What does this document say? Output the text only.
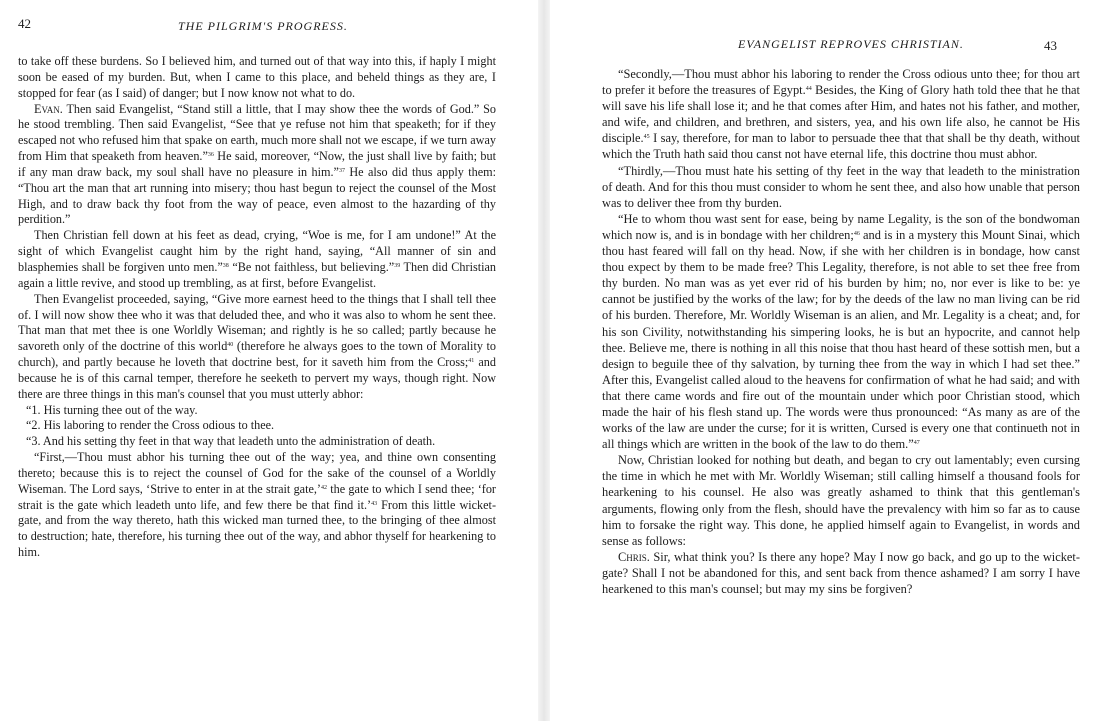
42	THE PILGRIM'S PROGRESS.

to take off these burdens. So I believed him, and turned out of that way into this, if haply I might soon be eased of my burden. But, when I came to this place, and beheld things as they are, I stopped for fear (as I said) of danger; but I now know not what to do.

Evan. Then said Evangelist, “Stand still a little, that I may show thee the words of God.” So he stood trembling. Then said Evangelist, “See that ye refuse not him that speaketh; for if they escaped not who refused him that spake on earth, much more shall not we escape, if we turn away from Him that speaketh from heaven.”$^{36}$ He said, moreover, “Now, the just shall live by faith; but if any man draw back, my soul shall have no pleasure in him.”$^{37}$ He also did thus apply them: “Thou art the man that art running into misery; thou hast begun to reject the counsel of the Most High, and to draw back thy foot from the way of peace, even almost to the hazarding of thy perdition.”

Then Christian fell down at his feet as dead, crying, “Woe is me, for I am undone!” At the sight of which Evangelist caught him by the right hand, saying, “All manner of sin and blasphemies shall be forgiven unto men.”$^{38}$ “Be not faithless, but believing.”$^{39}$ Then did Christian again a little revive, and stood up trembling, as at first, before Evangelist.

Then Evangelist proceeded, saying, “Give more earnest heed to the things that I shall tell thee of. I will now show thee who it was that deluded thee, and who it was also to whom he sent thee. That man that met thee is one Worldly Wiseman; and rightly is he so called; partly because he savoreth only of the doctrine of this world$^{40}$ (therefore he always goes to the town of Morality to church), and partly because he loveth that doctrine best, for it saveth him from the Cross;$^{41}$ and because he is of this carnal temper, therefore he seeketh to pervert my ways, though right. Now there are three things in this man's counsel that you must utterly abhor:

“1. His turning thee out of the way.

“2. His laboring to render the Cross odious to thee.

“3. And his setting thy feet in that way that leadeth unto the administration of death.

“First,—Thou must abhor his turning thee out of the way; yea, and thine own consenting thereto; because this is to reject the counsel of God for the sake of the counsel of a Worldly Wiseman. The Lord says, ‘Strive to enter in at the strait gate,’$^{42}$ the gate to which I send thee; ‘for strait is the gate which leadeth unto life, and few there be that find it.’$^{43}$ From this little wicket-gate, and from the way thereto, hath this wicked man turned thee, to the bringing of thee almost to destruction; hate, therefore, his turning thee out of the way, and abhor thyself for hearkening to him.

EVANGELIST REPROVES CHRISTIAN.	43

“Secondly,—Thou must abhor his laboring to render the Cross odious unto thee; for thou art to prefer it before the treasures of Egypt.$^{44}$ Besides, the King of Glory hath told thee that he that will save his life shall lose it; and he that comes after Him, and hates not his father, and mother, and wife, and children, and brethren, and sisters, yea, and his own life also, he cannot be His disciple.$^{45}$ I say, therefore, for man to labor to persuade thee that that shall be thy death, without which the Truth hath said thou canst not have eternal life, this doctrine thou must abhor.

“Thirdly,—Thou must hate his setting of thy feet in the way that leadeth to the ministration of death. And for this thou must consider to whom he sent thee, and also how unable that person was to deliver thee from thy burden.

“He to whom thou wast sent for ease, being by name Legality, is the son of the bondwoman which now is, and is in bondage with her children;$^{46}$ and is in a mystery this Mount Sinai, which thou hast feared will fall on thy head. Now, if she with her children is in bondage, how canst thou expect by them to be made free? This Legality, therefore, is not able to set thee free from thy burden. No man was as yet ever rid of his burden by him; no, nor ever is like to be: ye cannot be justified by the works of the law; for by the deeds of the law no man living can be rid of his burden. Therefore, Mr. Worldly Wiseman is an alien, and Mr. Legality is a cheat; and, for his son Civility, notwithstanding his simpering looks, he is but an hypocrite, and cannot help thee. Believe me, there is nothing in all this noise that thou hast heard of these sottish men, but a design to beguile thee of thy salvation, by turning thee from the way in which I had set thee.” After this, Evangelist called aloud to the heavens for confirmation of what he had said; and with that there came words and fire out of the mountain under which poor Christian stood, which made the hair of his flesh stand up. The words were thus pronounced: “As many as are of the works of the law are under the curse; for it is written, Cursed is every one that continueth not in all things which are written in the book of the law to do them.”$^{47}$

Now, Christian looked for nothing but death, and began to cry out lamentably; even cursing the time in which he met with Mr. Worldly Wiseman; still calling himself a thousand fools for hearkening to his counsel. He also was greatly ashamed to think that this gentleman's arguments, flowing only from the flesh, should have the prevalency with him so far as to cause him to forsake the right way. This done, he applied himself again to Evangelist, in words and sense as follows:

Chris. Sir, what think you? Is there any hope? May I now go back, and go up to the wicket-gate? Shall I not be abandoned for this, and sent back from thence ashamed? I am sorry I have hearkened to this man's counsel; but may my sins be forgiven?
